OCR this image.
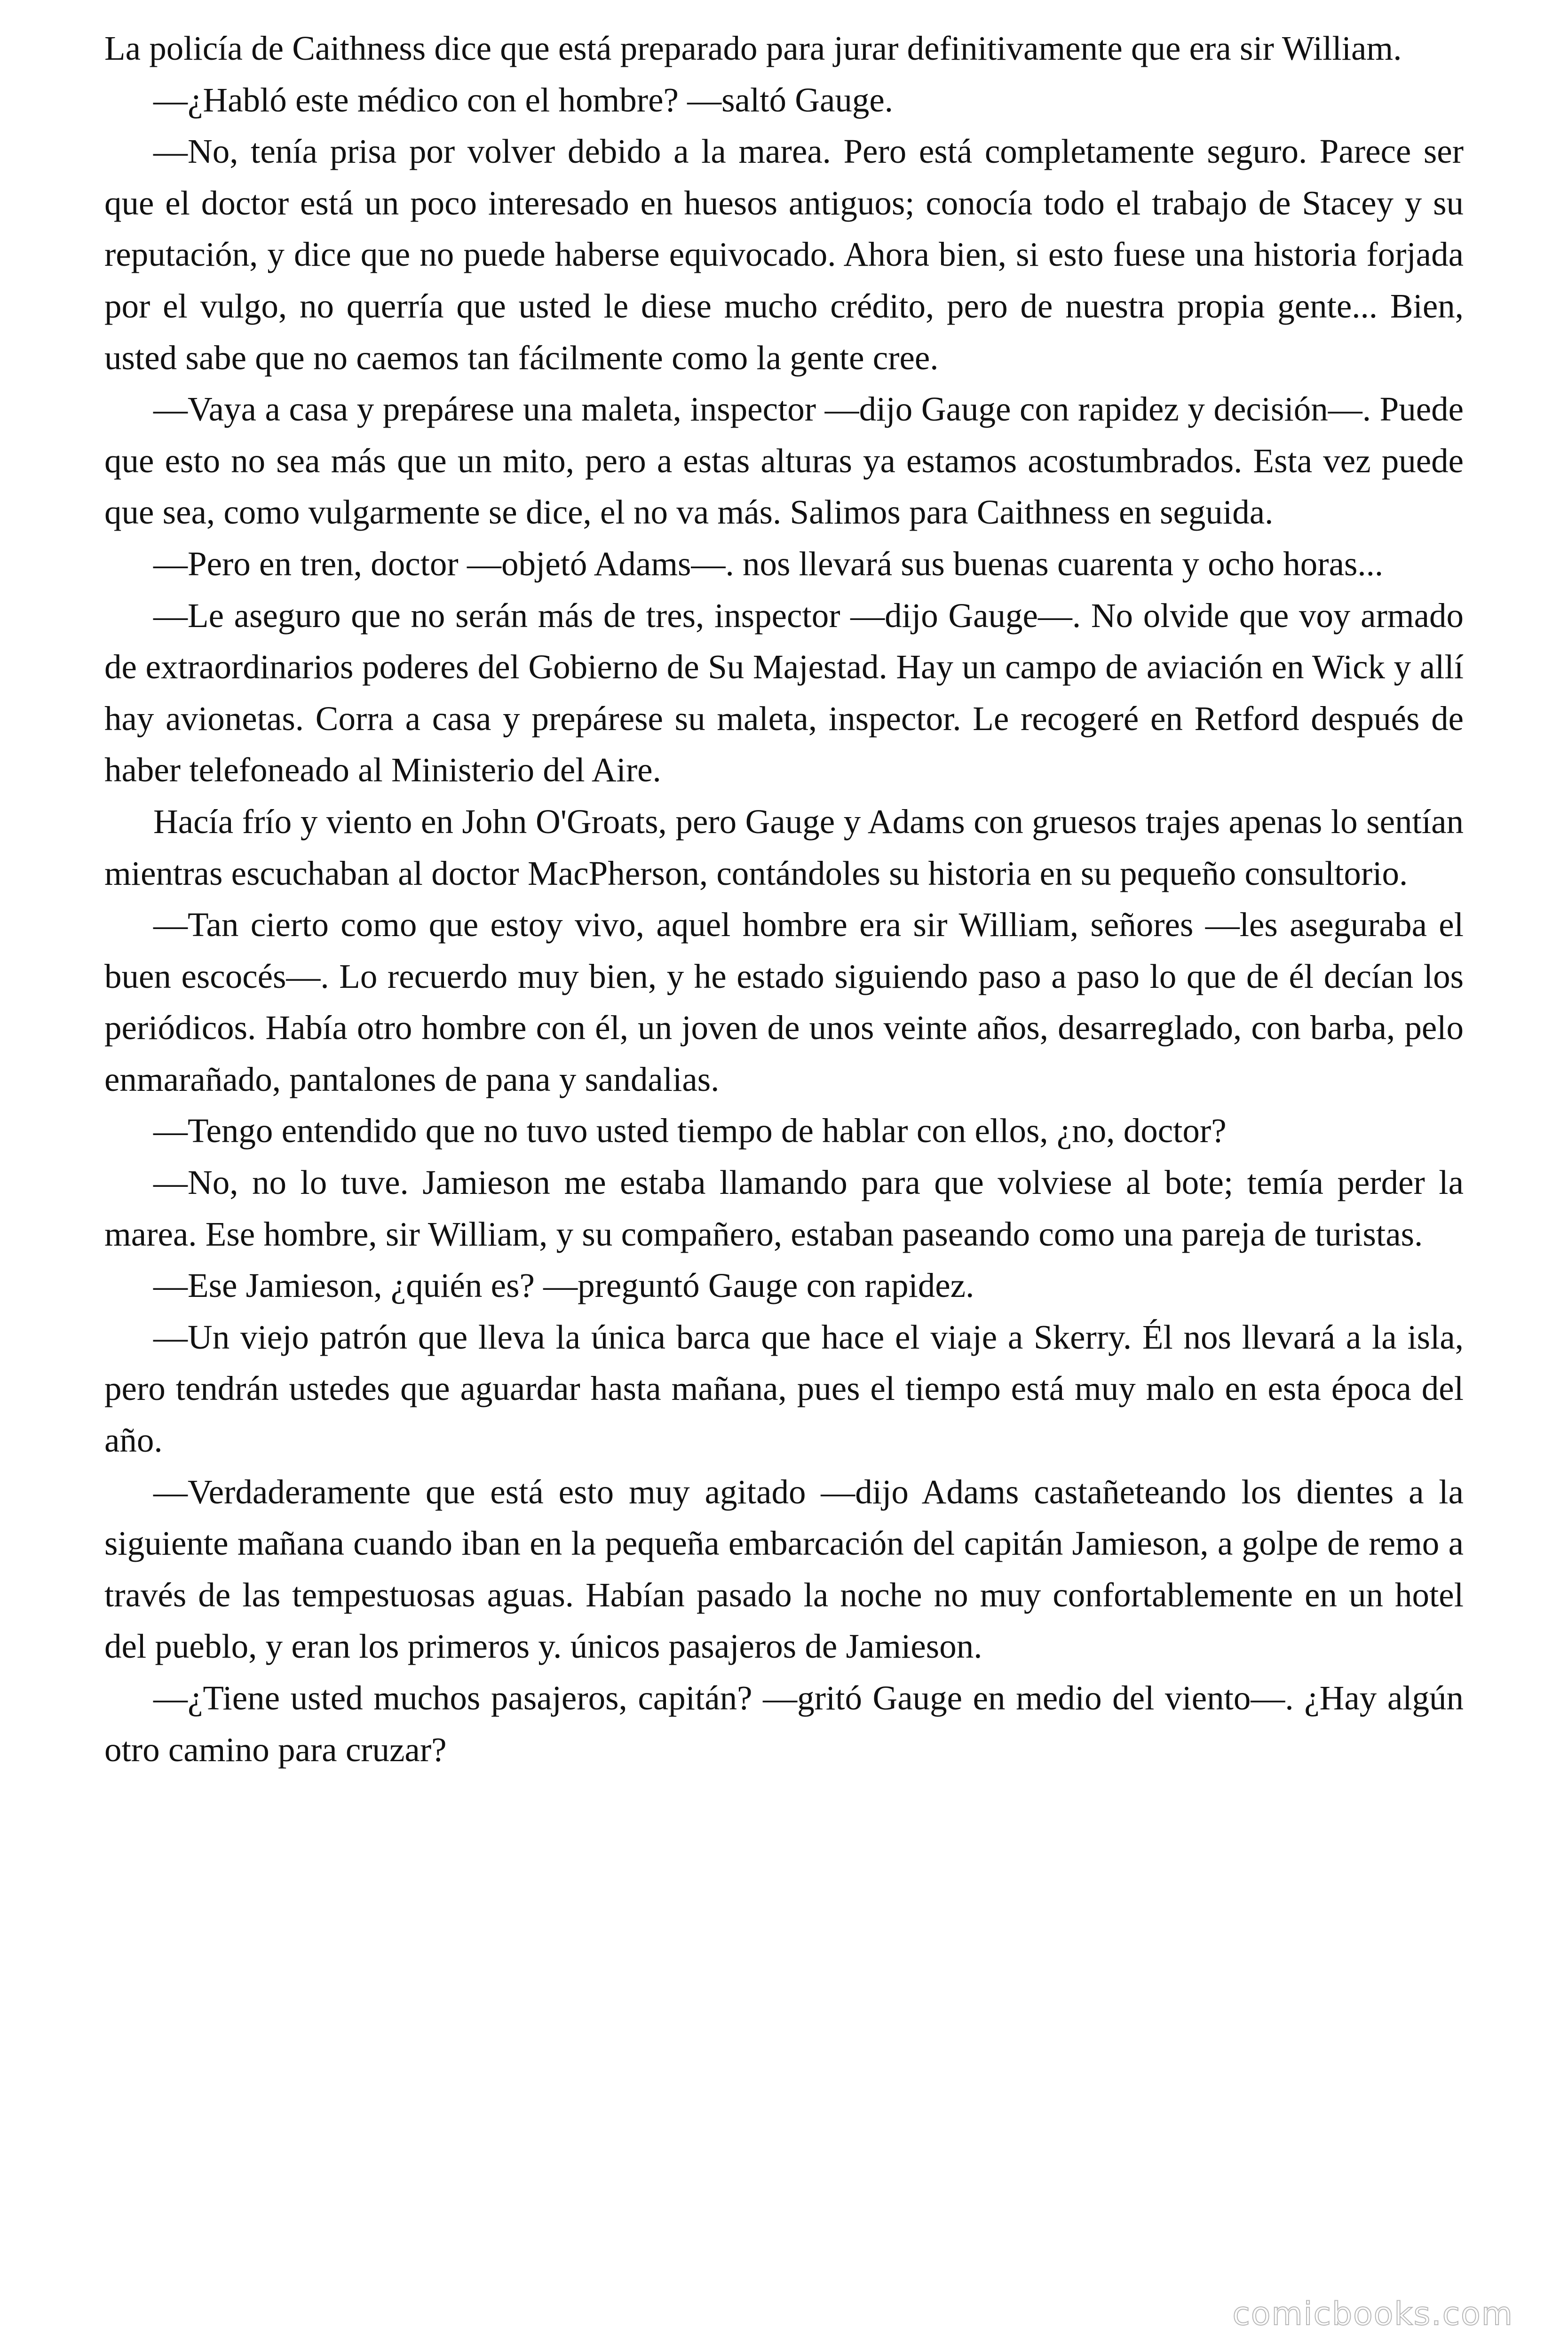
La policía de Caithness dice que está preparado para jurar definitivamente que era sir William.

—¿Habló este médico con el hombre? —saltó Gauge.

—No, tenía prisa por volver debido a la marea. Pero está completamente seguro. Parece ser que el doctor está un poco interesado en huesos antiguos; conocía todo el trabajo de Stacey y su reputación, y dice que no puede haberse equivocado. Ahora bien, si esto fuese una historia forjada por el vulgo, no querría que usted le diese mucho crédito, pero de nuestra propia gente... Bien, usted sabe que no caemos tan fácilmente como la gente cree.

—Vaya a casa y prepárese una maleta, inspector —dijo Gauge con rapidez y decisión—. Puede que esto no sea más que un mito, pero a estas alturas ya estamos acostumbrados. Esta vez puede que sea, como vulgarmente se dice, el no va más. Salimos para Caithness en seguida.

—Pero en tren, doctor —objetó Adams—. nos llevará sus buenas cuarenta y ocho horas...

—Le aseguro que no serán más de tres, inspector —dijo Gauge—. No olvide que voy armado de extraordinarios poderes del Gobierno de Su Majestad. Hay un campo de aviación en Wick y allí hay avionetas. Corra a casa y prepárese su maleta, inspector. Le recogeré en Retford después de haber telefoneado al Ministerio del Aire.

Hacía frío y viento en John O'Groats, pero Gauge y Adams con gruesos trajes apenas lo sentían mientras escuchaban al doctor MacPherson, contándoles su historia en su pequeño consultorio.

—Tan cierto como que estoy vivo, aquel hombre era sir William, señores —les aseguraba el buen escocés—. Lo recuerdo muy bien, y he estado siguiendo paso a paso lo que de él decían los periódicos. Había otro hombre con él, un joven de unos veinte años, desarreglado, con barba, pelo enmarañado, pantalones de pana y sandalias.

—Tengo entendido que no tuvo usted tiempo de hablar con ellos, ¿no, doctor?

—No, no lo tuve. Jamieson me estaba llamando para que volviese al bote; temía perder la marea. Ese hombre, sir William, y su compañero, estaban paseando como una pareja de turistas.

—Ese Jamieson, ¿quién es? —preguntó Gauge con rapidez.

—Un viejo patrón que lleva la única barca que hace el viaje a Skerry. Él nos llevará a la isla, pero tendrán ustedes que aguardar hasta mañana, pues el tiempo está muy malo en esta época del año.

—Verdaderamente que está esto muy agitado —dijo Adams castañeteando los dientes a la siguiente mañana cuando iban en la pequeña embarcación del capitán Jamieson, a golpe de remo a través de las tempestuosas aguas. Habían pasado la noche no muy confortablemente en un hotel del pueblo, y eran los primeros y. únicos pasajeros de Jamieson.

—¿Tiene usted muchos pasajeros, capitán? —gritó Gauge en medio del viento—. ¿Hay algún otro camino para cruzar?

comicbooks.com
